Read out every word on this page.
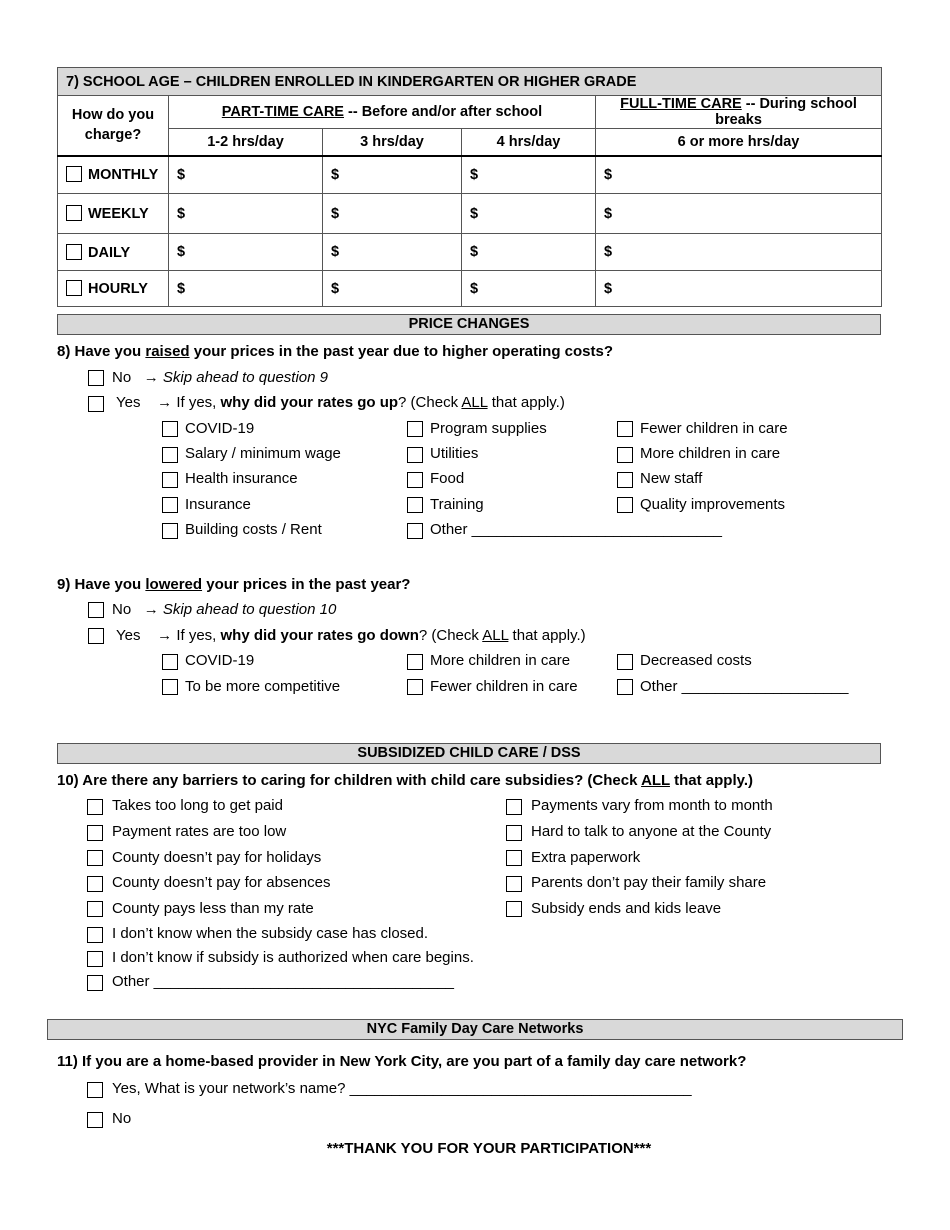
7) SCHOOL AGE – CHILDREN ENROLLED IN KINDERGARTEN OR HIGHER GRADE				
How do you charge?	PART-TIME CARE -- Before and/or after school			FULL-TIME CARE -- During school breaks
	1-2 hrs/day	3 hrs/day	4 hrs/day	6 or more hrs/day
MONTHLY	$	$	$	$
WEEKLY	$	$	$	$
DAILY	$	$	$	$
HOURLY	$	$	$	$
PRICE CHANGES
8) Have you raised your prices in the past year due to higher operating costs?
No → Skip ahead to question 9
Yes → If yes, why did your rates go up? (Check ALL that apply.)
COVID-19
Salary / minimum wage
Health insurance
Insurance
Building costs / Rent
Program supplies
Utilities
Food
Training
Other ______________________________
Fewer children in care
More children in care
New staff
Quality improvements
9) Have you lowered your prices in the past year?
No → Skip ahead to question 10
Yes → If yes, why did your rates go down? (Check ALL that apply.)
COVID-19
To be more competitive
More children in care
Fewer children in care
Decreased costs
Other ____________________
SUBSIDIZED CHILD CARE / DSS
10) Are there any barriers to caring for children with child care subsidies? (Check ALL that apply.)
Takes too long to get paid
Payment rates are too low
County doesn’t pay for holidays
County doesn’t pay for absences
County pays less than my rate
I don’t know when the subsidy case has closed.
I don’t know if subsidy is authorized when care begins.
Other ____________________________________
Payments vary from month to month
Hard to talk to anyone at the County
Extra paperwork
Parents don’t pay their family share
Subsidy ends and kids leave
NYC Family Day Care Networks
11) If you are a home-based provider in New York City, are you part of a family day care network?
Yes, What is your network’s name? _________________________________________
No
***THANK YOU FOR YOUR PARTICIPATION***
